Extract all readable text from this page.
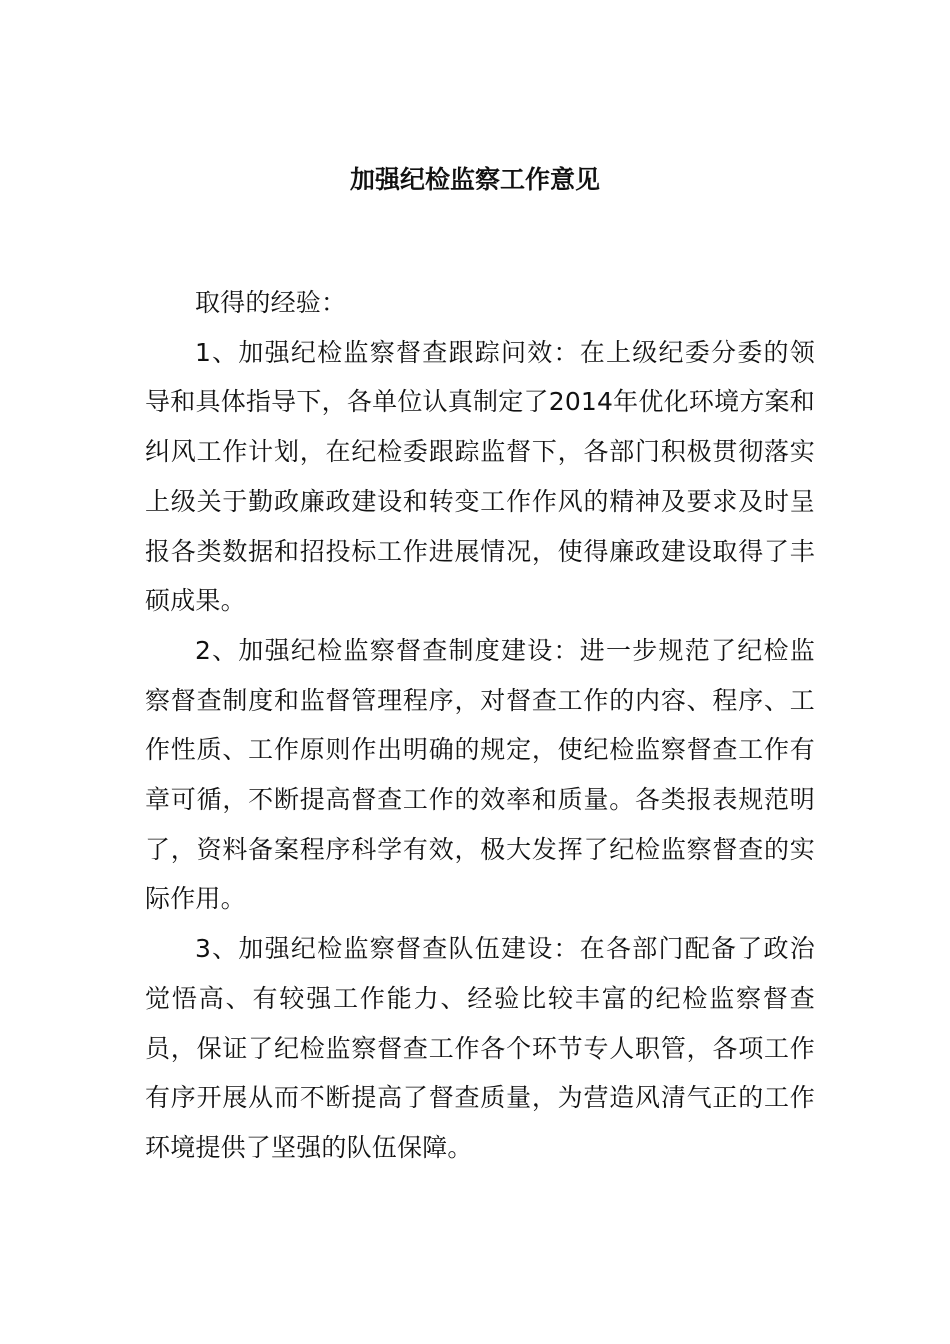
加强纪检监察工作意见

取得的经验：

1、加强纪检监察督查跟踪问效：在上级纪委分委的领导和具体指导下，各单位认真制定了2014年优化环境方案和纠风工作计划，在纪检委跟踪监督下，各部门积极贯彻落实上级关于勤政廉政建设和转变工作作风的精神及要求及时呈报各类数据和招投标工作进展情况，使得廉政建设取得了丰硕成果。

2、加强纪检监察督查制度建设：进一步规范了纪检监察督查制度和监督管理程序，对督查工作的内容、程序、工作性质、工作原则作出明确的规定，使纪检监察督查工作有章可循，不断提高督查工作的效率和质量。各类报表规范明了，资料备案程序科学有效，极大发挥了纪检监察督查的实际作用。

3、加强纪检监察督查队伍建设：在各部门配备了政治觉悟高、有较强工作能力、经验比较丰富的纪检监察督查员，保证了纪检监察督查工作各个环节专人职管，各项工作有序开展从而不断提高了督查质量，为营造风清气正的工作环境提供了坚强的队伍保障。
